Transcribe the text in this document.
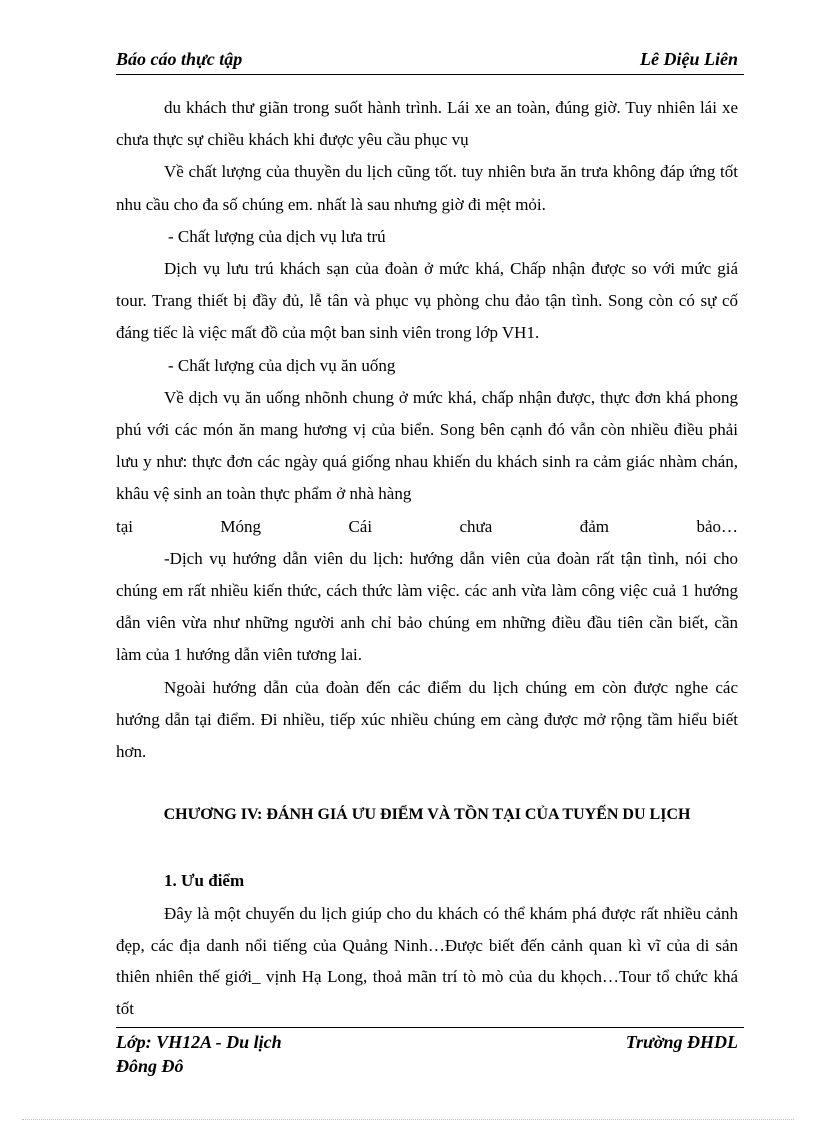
Báo cáo thực tập	Lê Diệu Liên

du khách thư giãn trong suốt hành trình. Lái xe an toàn, đúng giờ. Tuy nhiên lái xe chưa thực sự chiều khách khi được yêu cầu phục vụ

Về chất lượng của thuyền du lịch cũng tốt. tuy nhiên bưa ăn trưa không đáp ứng tốt nhu cầu cho đa số chúng em. nhất là sau nhưng giờ đi mệt mỏi.

- Chất lượng của dịch vụ lưa trú

Dịch vụ lưu trú khách sạn của đoàn ở mức khá, Chấp nhận được so với mức giá tour. Trang thiết bị đầy đủ, lễ tân và phục vụ phòng chu đảo tận tình. Song còn có sự cố đáng tiếc là việc mất đồ của một ban sinh viên trong lớp VH1.

- Chất lượng của dịch vụ ăn uống

Về dịch vụ ăn uống nhõnh chung ở mức khá, chấp nhận được, thực đơn khá phong phú với các món ăn mang hương vị của biển. Song bên cạnh đó vẫn còn nhiều điều phải lưu y như: thực đơn các ngày quá giống nhau khiến du khách sinh ra cảm giác nhàm chán, khâu vệ sinh an toàn thực phẩm ở nhà hàng

tại Móng Cái chưa đảm bảo…

-Dịch vụ hướng dẫn viên du lịch: hướng dẫn viên của đoàn rất tận tình, nói cho chúng em rất nhiều kiến thức, cách thức làm việc. các anh vừa làm công việc cuả 1 hướng dẫn viên vừa như những người anh chỉ bảo chúng em những điều đầu tiên cần biết, cần làm của 1 hướng dẫn viên tương lai.

Ngoài hướng dẫn của đoàn đến các điểm du lịch chúng em còn được nghe các hướng dẫn tại điểm. Đi nhiều, tiếp xúc nhiều chúng em càng được mở rộng tầm hiểu biết hơn.

CHƯƠNG IV: ĐÁNH GIÁ ƯU ĐIỂM VÀ TỒN TẠI CỦA TUYẾN DU LỊCH
1. Ưu điểm

Đây là một chuyến du lịch giúp cho du khách có thể khám phá được rất nhiều cảnh đẹp, các địa danh nổi tiếng của Quảng Ninh…Được biết đến cảnh quan kì vĩ của di sản thiên nhiên thế giới_ vịnh Hạ Long, thoả mãn trí tò mò của du khọch…Tour tổ chức khá tốt

Lớp: VH12A - Du lịch
Đông Đô
Trường ĐHDL
